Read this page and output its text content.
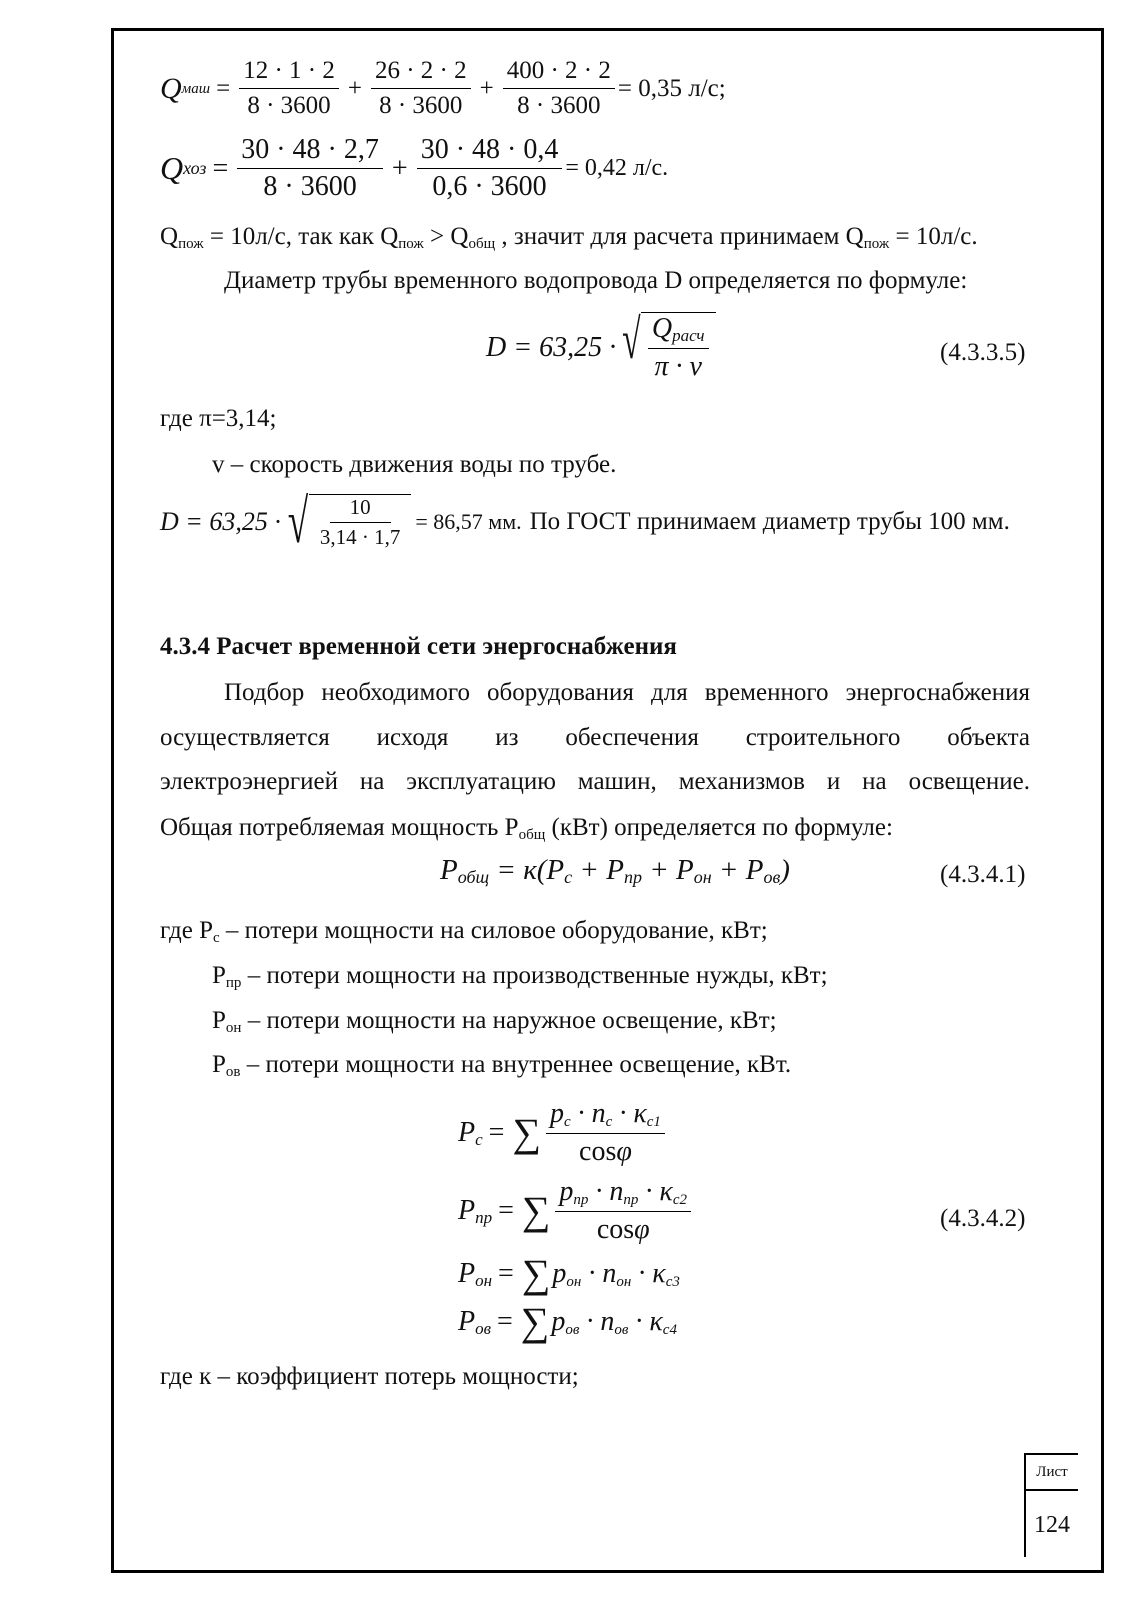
Q маш = $\frac{12 \cdot 1 \cdot 2}{8 \cdot 3600} + \frac{26 \cdot 2 \cdot 2}{8 \cdot 3600} + \frac{400 \cdot 2 \cdot 2}{8 \cdot 3600} = 0,35$ л/с;
Q хоз = $\frac{30 \cdot 48 \cdot 2,7}{8 \cdot 3600} + \frac{30 \cdot 48 \cdot 0,4}{0,6 \cdot 3600} = 0,42$ л/с.
$Q_{пож} = 10л/с$, так как $Q_{пож} > Q_{общ}$ , значит для расчета принимаем $Q_{пож} = 10л/с$.
Диаметр трубы временного водопровода D определяется по формуле:
D = 63,25 · √ $\frac{Q_{расч}}{\pi \cdot v}$	(4.3.3.5)
где π=3,14;
v – скорость движения воды по трубе.
D = 63,25 · √ $\frac{10}{3,14 \cdot 1,7} = 86,57$ мм. По ГОСТ принимаем диаметр трубы 100 мм.
4.3.4 Расчет временной сети энергоснабжения
Подбор необходимого оборудования для временного энергоснабжения
осуществляется исходя из обеспечения строительного объекта
электроэнергией на эксплуатацию машин, механизмов и на освещение.
Общая потребляемая мощность $P_{общ}$ (кВт) определяется по формуле:
$P_{общ} = к(P_с + P_{пр} + P_{он} + P_{ов})$	(4.3.4.1)
где $P_с$ – потери мощности на силовое оборудование, кВт;
$P_{пр}$ – потери мощности на производственные нужды, кВт;
$P_{он}$ – потери мощности на наружное освещение, кВт;
$P_{ов}$ – потери мощности на внутреннее освещение, кВт.
$P_с$ = ∑ $\frac{p_с \cdot n_с \cdot \kappa_{с1}}{\cos\varphi}$
$P_{пр}$ = ∑ $\frac{p_{пр} \cdot n_{пр} \cdot \kappa_{с2}}{\cos\varphi}$
$P_{он}$ = ∑ $p_{он} \cdot n_{он} \cdot \kappa_{с3}$
$P_{ов}$ = ∑ $p_{ов} \cdot n_{ов} \cdot \kappa_{с4}$
(4.3.4.2)
где к – коэффициент потерь мощности;
Лист
124
